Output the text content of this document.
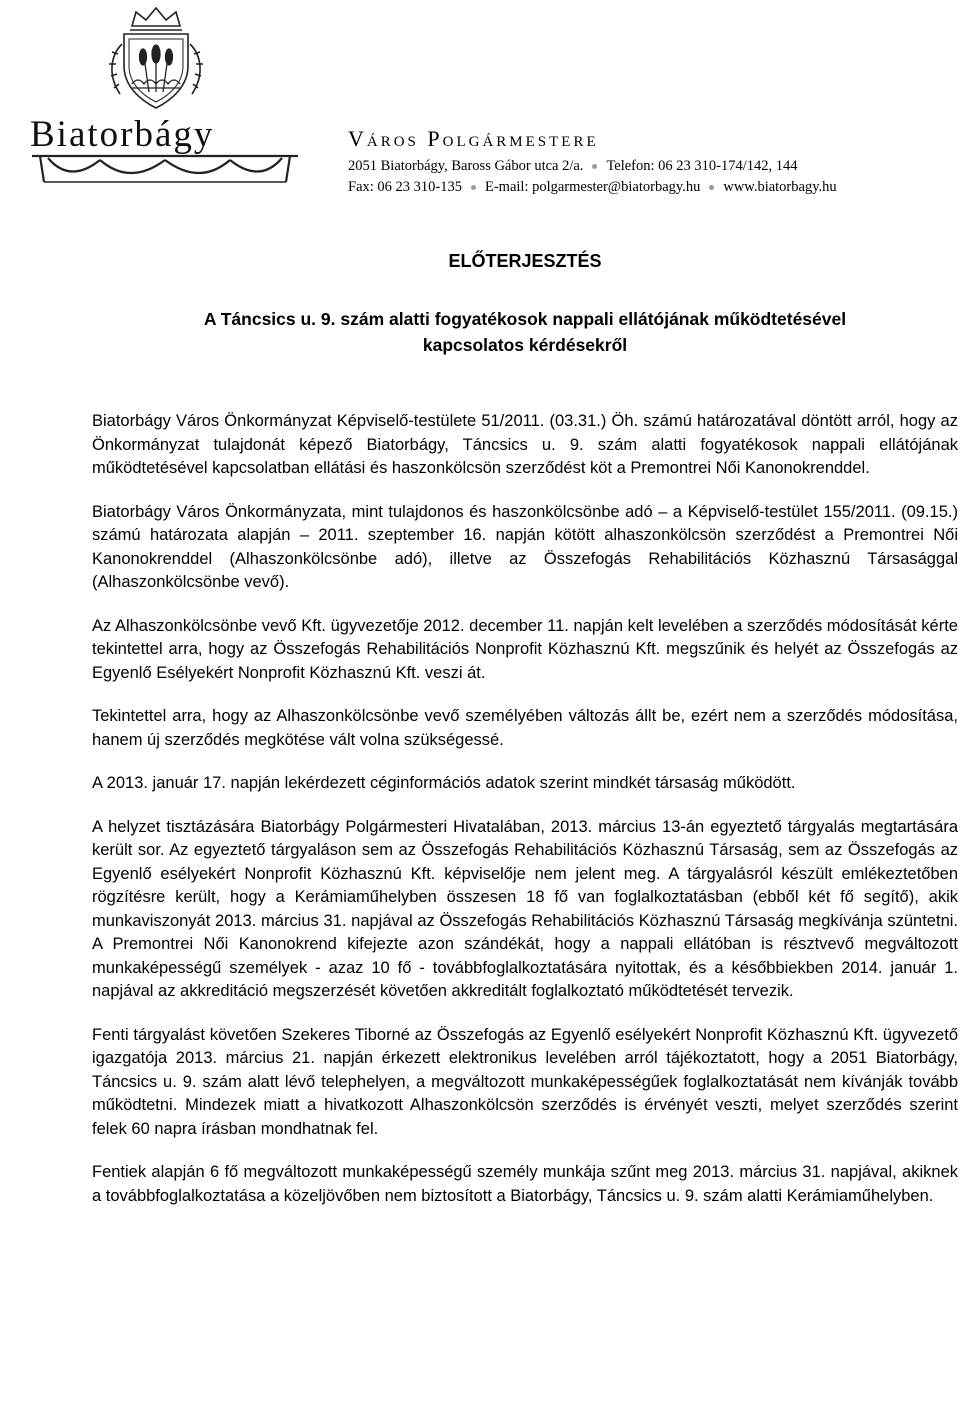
Biatorbágy	Város Polgármestere
2051 Biatorbágy, Baross Gábor utca 2/a. Telefon: 06 23 310-174/142, 144
Fax: 06 23 310-135 E-mail: polgarmester@biatorbagy.hu www.biatorbagy.hu
ELŐTERJESZTÉS
A Táncsics u. 9. szám alatti fogyatékosok nappali ellátójának működtetésével kapcsolatos kérdésekről

Biatorbágy Város Önkormányzat Képviselő-testülete 51/2011. (03.31.) Öh. számú határozatával döntött arról, hogy az Önkormányzat tulajdonát képező Biatorbágy, Táncsics u. 9. szám alatti fogyatékosok nappali ellátójának működtetésével kapcsolatban ellátási és haszonkölcsön szerződést köt a Premontrei Női Kanonokrenddel.

Biatorbágy Város Önkormányzata, mint tulajdonos és haszonkölcsönbe adó – a Képviselő-testület 155/2011. (09.15.) számú határozata alapján – 2011. szeptember 16. napján kötött alhaszonkölcsön szerződést a Premontrei Női Kanonokrenddel (Alhaszonkölcsönbe adó), illetve az Összefogás Rehabilitációs Közhasznú Társasággal (Alhaszonkölcsönbe vevő).

Az Alhaszonkölcsönbe vevő Kft. ügyvezetője 2012. december 11. napján kelt levelében a szerződés módosítását kérte tekintettel arra, hogy az Összefogás Rehabilitációs Nonprofit Közhasznú Kft. megszűnik és helyét az Összefogás az Egyenlő Esélyekért Nonprofit Közhasznú Kft. veszi át.

Tekintettel arra, hogy az Alhaszonkölcsönbe vevő személyében változás állt be, ezért nem a szerződés módosítása, hanem új szerződés megkötése vált volna szükségessé.

A 2013. január 17. napján lekérdezett céginformációs adatok szerint mindkét társaság működött.

A helyzet tisztázására Biatorbágy Polgármesteri Hivatalában, 2013. március 13-án egyeztető tárgyalás megtartására került sor. Az egyeztető tárgyaláson sem az Összefogás Rehabilitációs Közhasznú Társaság, sem az Összefogás az Egyenlő esélyekért Nonprofit Közhasznú Kft. képviselője nem jelent meg. A tárgyalásról készült emlékeztetőben rögzítésre került, hogy a Kerámiaműhelyben összesen 18 fő van foglalkoztatásban (ebből két fő segítő), akik munkaviszonyát 2013. március 31. napjával az Összefogás Rehabilitációs Közhasznú Társaság megkívánja szüntetni. A Premontrei Női Kanonokrend kifejezte azon szándékát, hogy a nappali ellátóban is résztvevő megváltozott munkaképességű személyek - azaz 10 fő - továbbfoglalkoztatására nyitottak, és a későbbiekben 2014. január 1. napjával az akkreditáció megszerzését követően akkreditált foglalkoztató működtetését tervezik.

Fenti tárgyalást követően Szekeres Tiborné az Összefogás az Egyenlő esélyekért Nonprofit Közhasznú Kft. ügyvezető igazgatója 2013. március 21. napján érkezett elektronikus levelében arról tájékoztatott, hogy a 2051 Biatorbágy, Táncsics u. 9. szám alatt lévő telephelyen, a megváltozott munkaképességűek foglalkoztatását nem kívánják tovább működtetni. Mindezek miatt a hivatkozott Alhaszonkölcsön szerződés is érvényét veszti, melyet szerződés szerint felek 60 napra írásban mondhatnak fel.

Fentiek alapján 6 fő megváltozott munkaképességű személy munkája szűnt meg 2013. március 31. napjával, akiknek a továbbfoglalkoztatása a közeljövőben nem biztosított a Biatorbágy, Táncsics u. 9. szám alatti Kerámiaműhelyben.
